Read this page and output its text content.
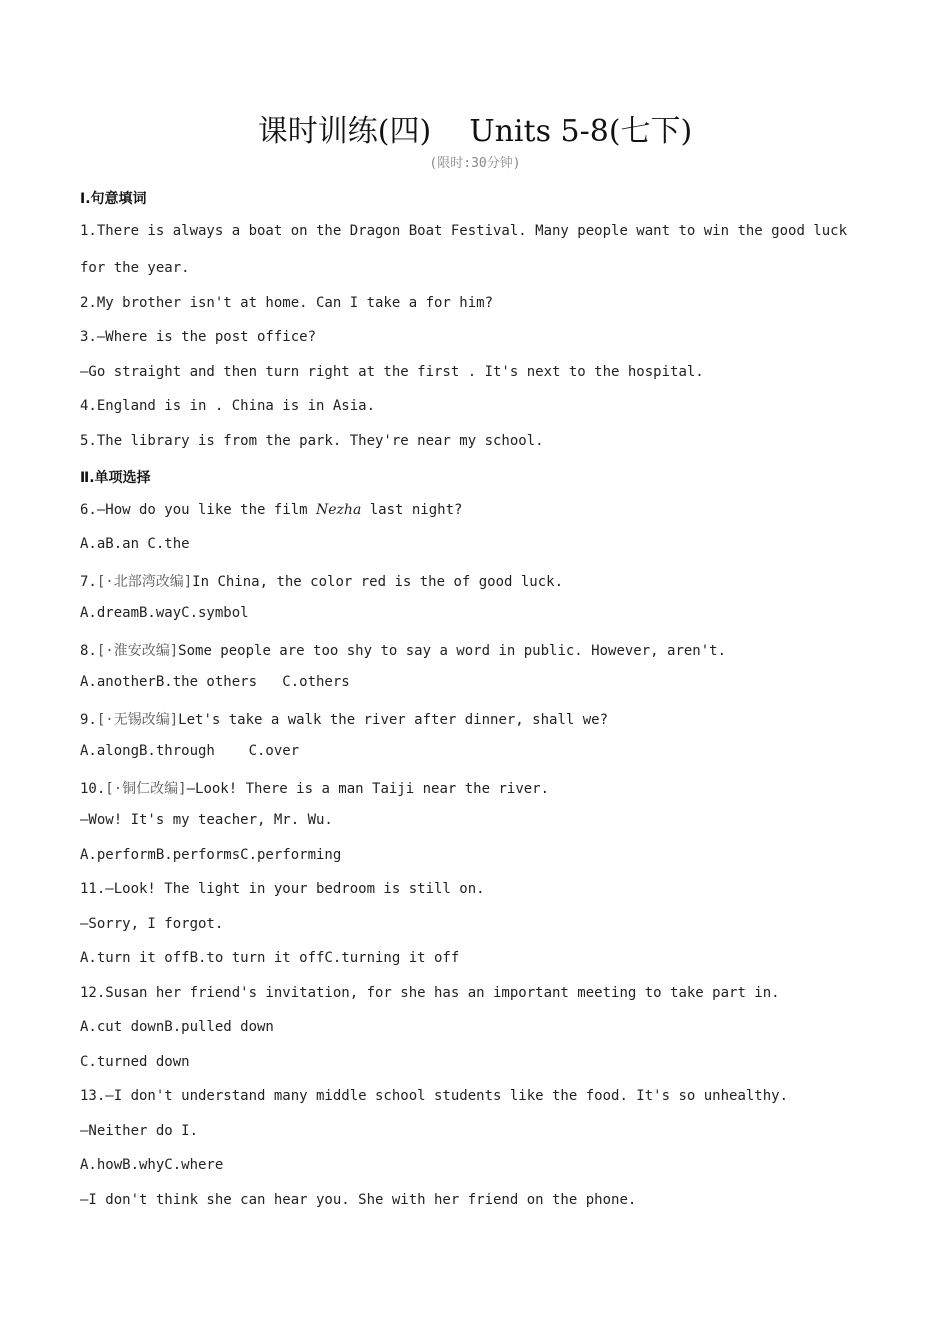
课时训练(四)    Units 5-8(七下)
(限时:30分钟)
Ⅰ.句意填词
1.There is always a boat on the Dragon Boat Festival. Many people want to win the good luck
for the year.
2.My brother isn't at home. Can I take a for him?
3.—Where is the post office?
—Go straight and then turn right at the first . It's next to the hospital.
4.England is in . China is in Asia.
5.The library is from the park. They're near my school.
Ⅱ.单项选择
6.—How do you like the film Nezha last night?
A.aB.an C.the
7.[·北部湾改编]In China, the color red is the of good luck.
A.dreamB.wayC.symbol
8.[·淮安改编]Some people are too shy to say a word in public. However, aren't.
A.anotherB.the others   C.others
9.[·无锡改编]Let's take a walk the river after dinner, shall we?
A.alongB.through    C.over
10.[·铜仁改编]—Look! There is a man Taiji near the river.
—Wow! It's my teacher, Mr. Wu.
A.performB.performsC.performing
11.—Look! The light in your bedroom is still on.
—Sorry, I forgot.
A.turn it offB.to turn it offC.turning it off
12.Susan her friend's invitation, for she has an important meeting to take part in.
A.cut downB.pulled down
C.turned down
13.—I don't understand many middle school students like the food. It's so unhealthy.
—Neither do I.
A.howB.whyC.where
—I don't think she can hear you. She with her friend on the phone.
